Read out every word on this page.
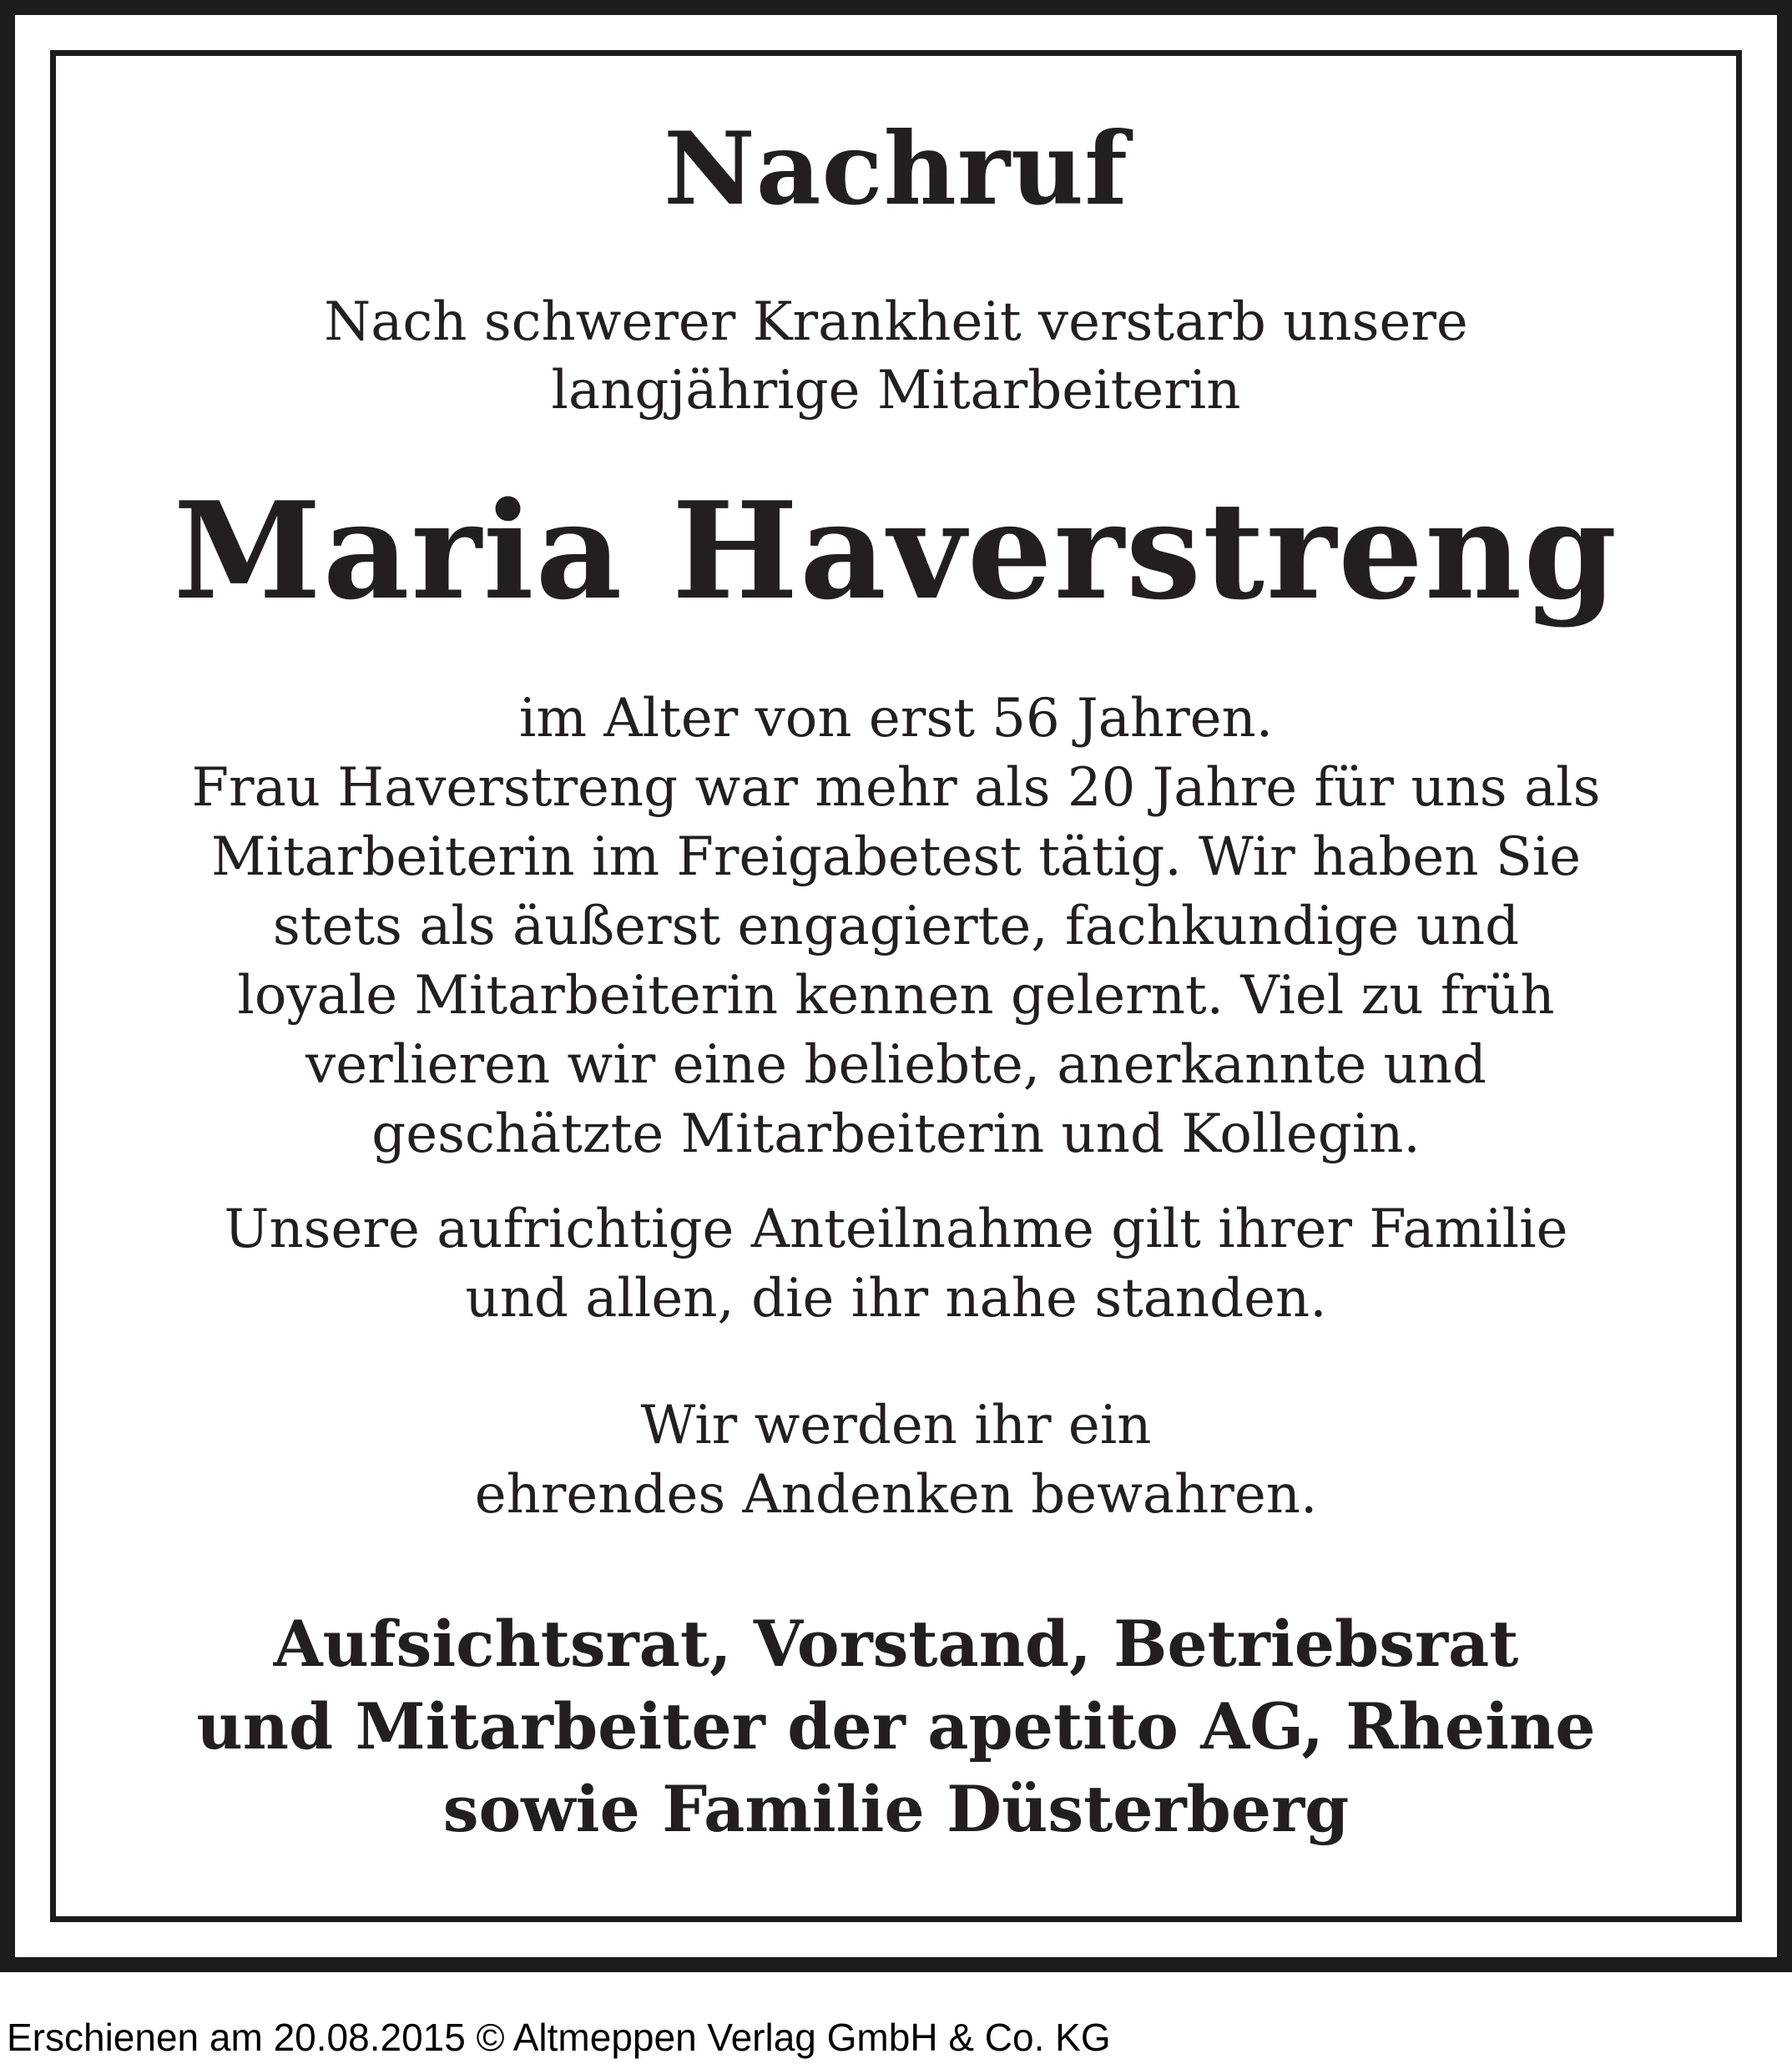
Nachruf

Nach schwerer Krankheit verstarb unsere
langjährige Mitarbeiterin

Maria Haverstreng

im Alter von erst 56 Jahren.
Frau Haverstreng war mehr als 20 Jahre für uns als
Mitarbeiterin im Freigabetest tätig. Wir haben Sie
stets als äußerst engagierte, fachkundige und
loyale Mitarbeiterin kennen gelernt. Viel zu früh
verlieren wir eine beliebte, anerkannte und
geschätzte Mitarbeiterin und Kollegin.

Unsere aufrichtige Anteilnahme gilt ihrer Familie
und allen, die ihr nahe standen.

Wir werden ihr ein
ehrendes Andenken bewahren.

Aufsichtsrat, Vorstand, Betriebsrat
und Mitarbeiter der apetito AG, Rheine
sowie Familie Düsterberg

Erschienen am 20.08.2015 © Altmeppen Verlag GmbH & Co. KG
